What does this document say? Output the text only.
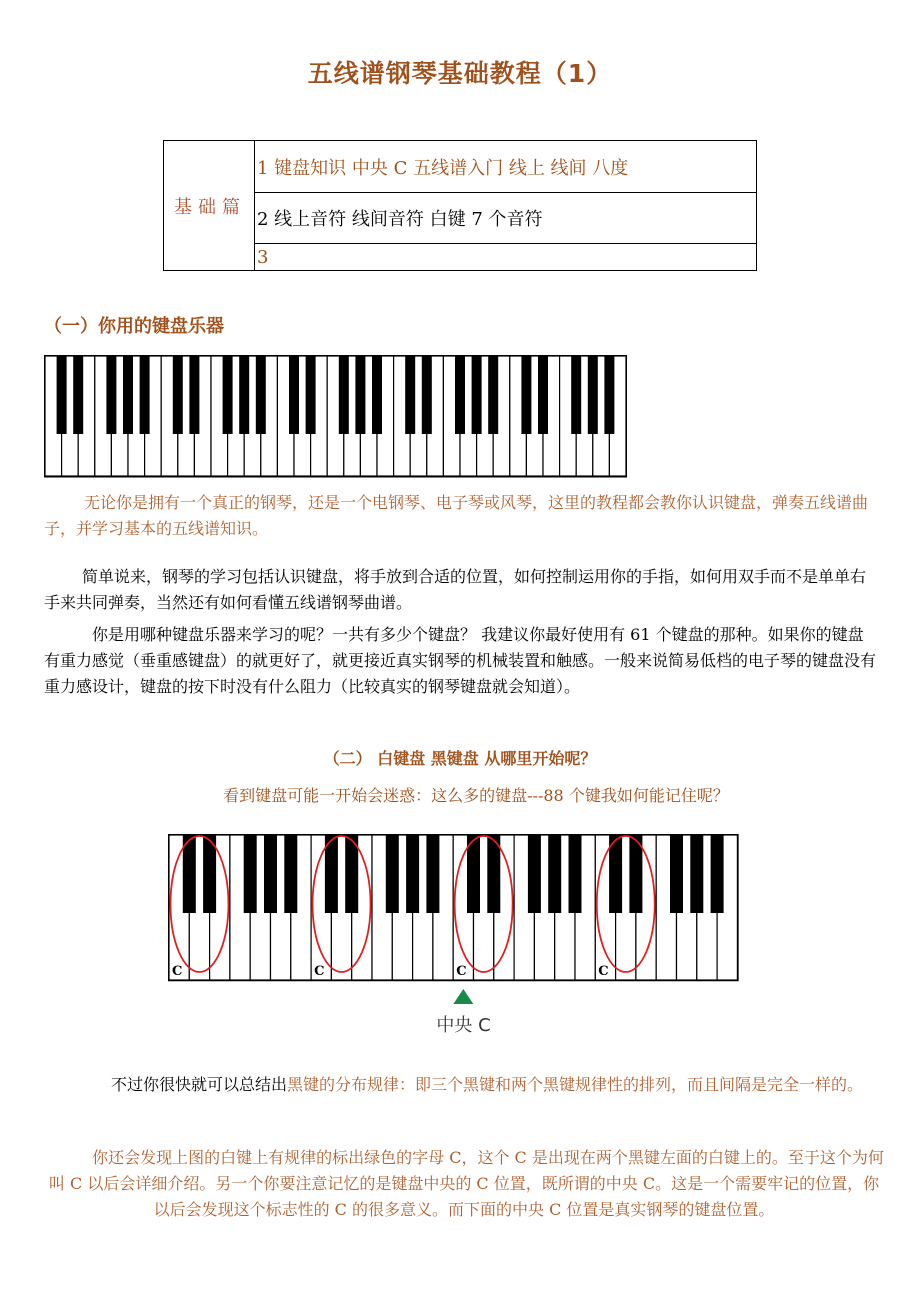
五线谱钢琴基础教程（1）
基础篇	1 键盘知识 中央 C 五线谱入门 线上 线间 八度
2 线上音符 线间音符 白键 7 个音符
3
（一）你用的键盘乐器
无论你是拥有一个真正的钢琴，还是一个电钢琴、电子琴或风琴，这里的教程都会教你认识键盘，弹奏五线谱曲子，并学习基本的五线谱知识。
简单说来，钢琴的学习包括认识键盘，将手放到合适的位置，如何控制运用你的手指，如何用双手而不是单单右手来共同弹奏，当然还有如何看懂五线谱钢琴曲谱。
你是用哪种键盘乐器来学习的呢？一共有多少个键盘？ 我建议你最好使用有 61 个键盘的那种。如果你的键盘有重力感觉（垂重感键盘）的就更好了，就更接近真实钢琴的机械装置和触感。一般来说简易低档的电子琴的键盘没有重力感设计，键盘的按下时没有什么阻力（比较真实的钢琴键盘就会知道）。
（二） 白键盘 黑键盘 从哪里开始呢？
看到键盘可能一开始会迷惑：这么多的键盘---88 个键我如何能记住呢？
C	C	C	C
中央 C
不过你很快就可以总结出黑键的分布规律：即三个黑键和两个黑键规律性的排列，而且间隔是完全一样的。
你还会发现上图的白键上有规律的标出绿色的字母 C，这个 C 是出现在两个黑键左面的白键上的。至于这个为何叫 C 以后会详细介绍。另一个你要注意记忆的是键盘中央的 C 位置，既所谓的中央 C。这是一个需要牢记的位置，你以后会发现这个标志性的 C 的很多意义。而下面的中央 C 位置是真实钢琴的键盘位置。
